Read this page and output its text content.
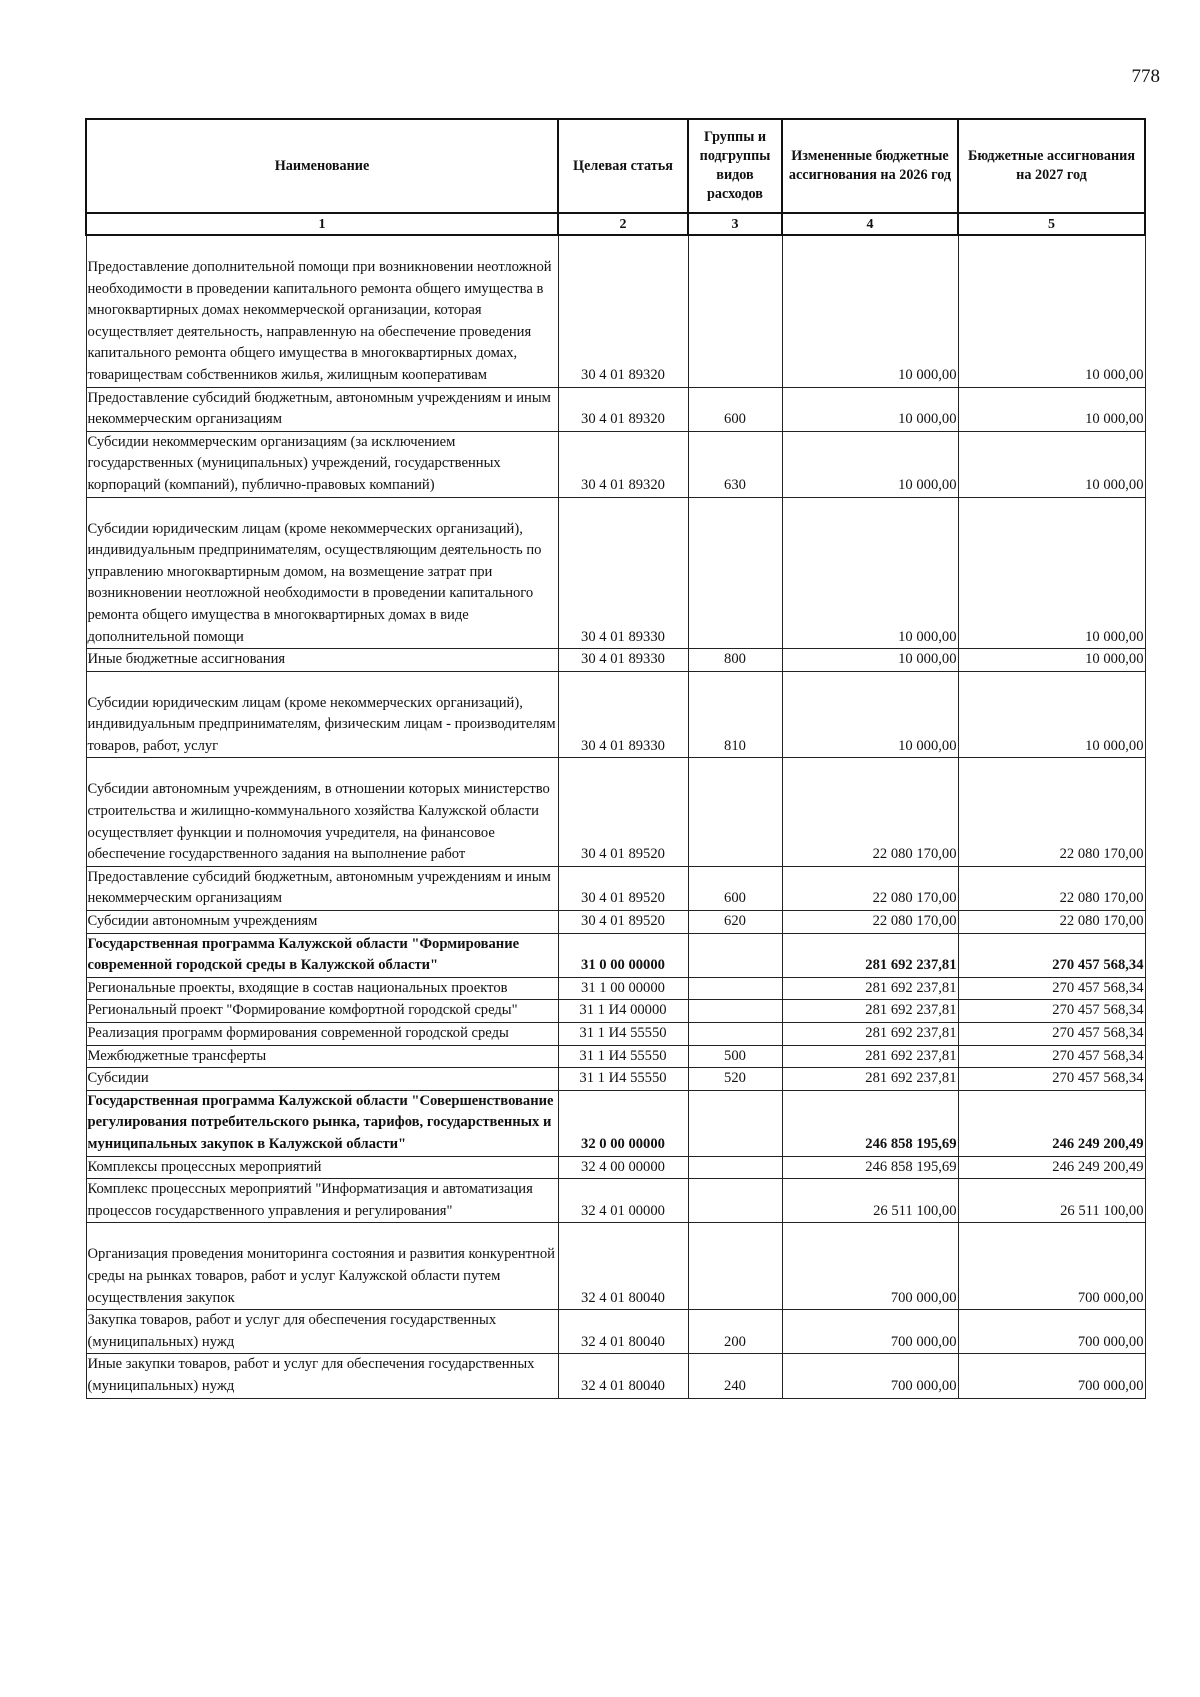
778
Наименование	Целевая статья	Группы и подгруппы видов расходов	Измененные бюджетные ассигнования на 2026 год	Бюджетные ассигнования на 2027 год
1	2	3	4	5
Предоставление дополнительной помощи при возникновении неотложной необходимости в проведении капитального ремонта общего имущества в многоквартирных домах некоммерческой организации, которая осуществляет деятельность, направленную на обеспечение проведения капитального ремонта общего имущества в многоквартирных домах, товариществам собственников жилья, жилищным кооперативам	30 4 01 89320		10 000,00	10 000,00
Предоставление субсидий бюджетным, автономным учреждениям и иным некоммерческим организациям	30 4 01 89320	600	10 000,00	10 000,00
Субсидии некоммерческим организациям (за исключением государственных (муниципальных) учреждений, государственных корпораций (компаний), публично-правовых компаний)	30 4 01 89320	630	10 000,00	10 000,00
Субсидии юридическим лицам (кроме некоммерческих организаций), индивидуальным предпринимателям, осуществляющим деятельность по управлению многоквартирным домом, на возмещение затрат при возникновении неотложной необходимости в проведении капитального ремонта общего имущества в многоквартирных домах в виде дополнительной помощи	30 4 01 89330		10 000,00	10 000,00
Иные бюджетные ассигнования	30 4 01 89330	800	10 000,00	10 000,00
Субсидии юридическим лицам (кроме некоммерческих организаций), индивидуальным предпринимателям, физическим лицам - производителям товаров, работ, услуг	30 4 01 89330	810	10 000,00	10 000,00
Субсидии автономным учреждениям, в отношении которых министерство строительства и жилищно-коммунального хозяйства Калужской области осуществляет функции и полномочия учредителя, на финансовое обеспечение государственного задания на выполнение работ	30 4 01 89520		22 080 170,00	22 080 170,00
Предоставление субсидий бюджетным, автономным учреждениям и иным некоммерческим организациям	30 4 01 89520	600	22 080 170,00	22 080 170,00
Субсидии автономным учреждениям	30 4 01 89520	620	22 080 170,00	22 080 170,00
Государственная программа Калужской области "Формирование современной городской среды в Калужской области"	31 0 00 00000		281 692 237,81	270 457 568,34
Региональные проекты, входящие в состав национальных проектов	31 1 00 00000		281 692 237,81	270 457 568,34
Региональный проект "Формирование комфортной городской среды"	31 1 И4 00000		281 692 237,81	270 457 568,34
Реализация программ формирования современной городской среды	31 1 И4 55550		281 692 237,81	270 457 568,34
Межбюджетные трансферты	31 1 И4 55550	500	281 692 237,81	270 457 568,34
Субсидии	31 1 И4 55550	520	281 692 237,81	270 457 568,34
Государственная программа Калужской области "Совершенствование регулирования потребительского рынка, тарифов, государственных и муниципальных закупок в Калужской области"	32 0 00 00000		246 858 195,69	246 249 200,49
Комплексы процессных мероприятий	32 4 00 00000		246 858 195,69	246 249 200,49
Комплекс процессных мероприятий "Информатизация и автоматизация процессов государственного управления и регулирования"	32 4 01 00000		26 511 100,00	26 511 100,00
Организация проведения мониторинга состояния и развития конкурентной среды на рынках товаров, работ и услуг Калужской области путем осуществления закупок	32 4 01 80040		700 000,00	700 000,00
Закупка товаров, работ и услуг для обеспечения государственных (муниципальных) нужд	32 4 01 80040	200	700 000,00	700 000,00
Иные закупки товаров, работ и услуг для обеспечения государственных (муниципальных) нужд	32 4 01 80040	240	700 000,00	700 000,00
